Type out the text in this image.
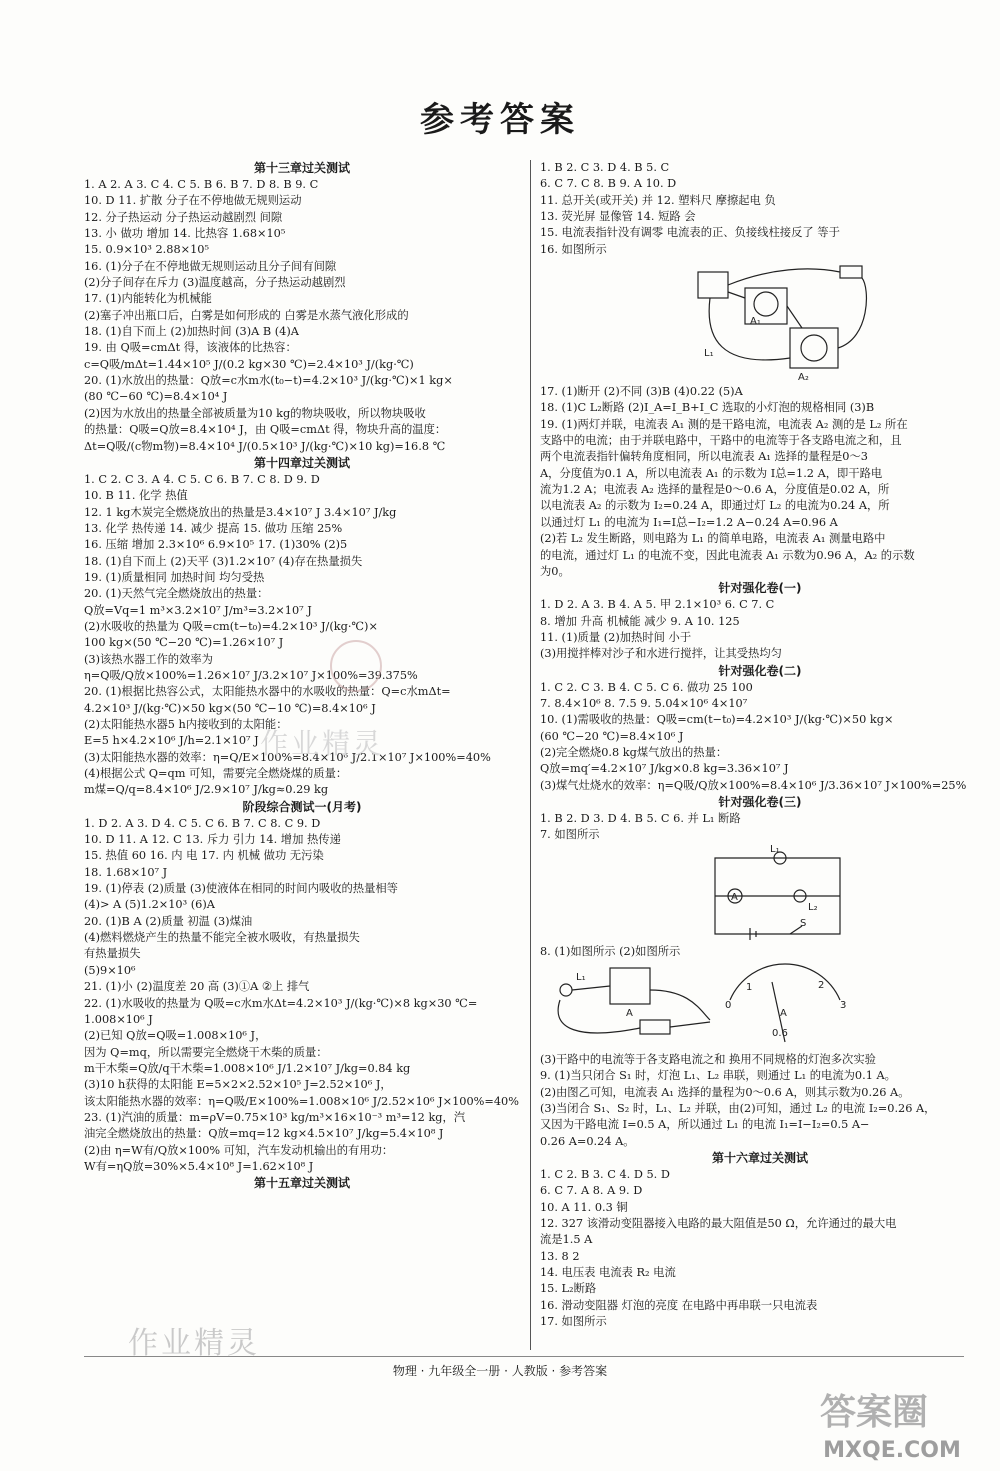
参考答案
第十三章过关测试
1. A 2. A 3. C 4. C 5. B 6. B 7. D 8. B 9. C
10. D 11. 扩散 分子在不停地做无规则运动
12. 分子热运动 分子热运动越剧烈 间隙
13. 小 做功 增加 14. 比热容 1.68×10⁵
15. 0.9×10³ 2.88×10⁵
16. (1)分子在不停地做无规则运动且分子间有间隙
(2)分子间存在斥力 (3)温度越高，分子热运动越剧烈
17. (1)内能转化为机械能
(2)塞子冲出瓶口后，白雾是如何形成的 白雾是水蒸气液化形成的
18. (1)自下而上 (2)加热时间 (3)A B (4)A
19. 由 Q吸=cmΔt 得，该液体的比热容：
c=Q吸/mΔt=1.44×10⁵ J/(0.2 kg×30 ℃)=2.4×10³ J/(kg·℃)
20. (1)水放出的热量：Q放=c水m水(t₀−t)=4.2×10³ J/(kg·℃)×1 kg×
(80 ℃−60 ℃)=8.4×10⁴ J
(2)因为水放出的热量全部被质量为10 kg的物块吸收，所以物块吸收
的热量：Q吸=Q放=8.4×10⁴ J，由 Q吸=cmΔt 得，物块升高的温度：
Δt=Q吸/(c物m物)=8.4×10⁴ J/(0.5×10³ J/(kg·℃)×10 kg)=16.8 ℃
第十四章过关测试
1. C 2. C 3. A 4. C 5. C 6. B 7. C 8. D 9. D
10. B 11. 化学 热值
12. 1 kg木炭完全燃烧放出的热量是3.4×10⁷ J 3.4×10⁷ J/kg
13. 化学 热传递 14. 减少 提高 15. 做功 压缩 25%
16. 压缩 增加 2.3×10⁶ 6.9×10⁵ 17. (1)30% (2)5
18. (1)自下而上 (2)天平 (3)1.2×10⁷ (4)存在热量损失
19. (1)质量相同 加热时间 均匀受热
20. (1)天然气完全燃烧放出的热量：
Q放=Vq=1 m³×3.2×10⁷ J/m³=3.2×10⁷ J
(2)水吸收的热量为 Q吸=cm(t−t₀)=4.2×10³ J/(kg·℃)×
100 kg×(50 ℃−20 ℃)=1.26×10⁷ J
(3)该热水器工作的效率为
η=Q吸/Q放×100%=1.26×10⁷ J/3.2×10⁷ J×100%=39.375%
20. (1)根据比热容公式，太阳能热水器中的水吸收的热量：Q=c水mΔt=
4.2×10³ J/(kg·℃)×50 kg×(50 ℃−10 ℃)=8.4×10⁶ J
(2)太阳能热水器5 h内接收到的太阳能：
E=5 h×4.2×10⁶ J/h=2.1×10⁷ J
(3)太阳能热水器的效率：η=Q/E×100%=8.4×10⁶ J/2.1×10⁷ J×100%=40%
(4)根据公式 Q=qm 可知，需要完全燃烧煤的质量：
m煤=Q/q=8.4×10⁶ J/2.9×10⁷ J/kg≈0.29 kg
阶段综合测试一(月考)
1. D 2. A 3. D 4. C 5. C 6. B 7. C 8. C 9. D
10. D 11. A 12. C 13. 斥力 引力 14. 增加 热传递
15. 热值 60 16. 内 电 17. 内 机械 做功 无污染
18. 1.68×10⁷ J
19. (1)停表 (2)质量 (3)使液体在相同的时间内吸收的热量相等
(4)> A (5)1.2×10³ (6)A
20. (1)B A (2)质量 初温 (3)煤油
(4)燃料燃烧产生的热量不能完全被水吸收，有热量损失
有热量损失
(5)9×10⁶
21. (1)小 (2)温度差 20 高 (3)①A ②上 排气
22. (1)水吸收的热量为 Q吸=c水m水Δt=4.2×10³ J/(kg·℃)×8 kg×30 ℃=
1.008×10⁶ J
(2)已知 Q放=Q吸=1.008×10⁶ J，
因为 Q=mq，所以需要完全燃烧干木柴的质量：
m干木柴=Q放/q干木柴=1.008×10⁶ J/1.2×10⁷ J/kg=0.84 kg
(3)10 h获得的太阳能 E=5×2×2.52×10⁵ J=2.52×10⁶ J，
该太阳能热水器的效率：η=Q吸/E×100%=1.008×10⁶ J/2.52×10⁶ J×100%=40%
23. (1)汽油的质量：m=ρV=0.75×10³ kg/m³×16×10⁻³ m³=12 kg，汽
油完全燃烧放出的热量：Q放=mq=12 kg×4.5×10⁷ J/kg=5.4×10⁸ J
(2)由 η=W有/Q放×100% 可知，汽车发动机输出的有用功：
W有=ηQ放=30%×5.4×10⁸ J=1.62×10⁸ J
第十五章过关测试
1. B 2. C 3. D 4. B 5. C
6. C 7. C 8. B 9. A 10. D
11. 总开关(或开关) 并 12. 塑料尺 摩擦起电 负
13. 荧光屏 显像管 14. 短路 会
15. 电流表指针没有调零 电流表的正、负接线柱接反了 等于
16. 如图所示
A₁
A₂
L₁
17. (1)断开 (2)不同 (3)B (4)0.22 (5)A
18. (1)C L₂断路 (2)I_A=I_B+I_C 选取的小灯泡的规格相同 (3)B
19. (1)两灯并联，电流表 A₁ 测的是干路电流，电流表 A₂ 测的是 L₂ 所在
支路中的电流；由于并联电路中，干路中的电流等于各支路电流之和，且
两个电流表指针偏转角度相同，所以电流表 A₁ 选择的量程是0～3
A，分度值为0.1 A，所以电流表 A₁ 的示数为 I总=1.2 A，即干路电
流为1.2 A；电流表 A₂ 选择的量程是0～0.6 A，分度值是0.02 A，所
以电流表 A₂ 的示数为 I₂=0.24 A，即通过灯 L₂ 的电流为0.24 A，所
以通过灯 L₁ 的电流为 I₁=I总−I₂=1.2 A−0.24 A=0.96 A
(2)若 L₂ 发生断路，则电路为 L₁ 的简单电路，电流表 A₁ 测量电路中
的电流，通过灯 L₁ 的电流不变，因此电流表 A₁ 示数为0.96 A，A₂ 的示数
为0。
针对强化卷(一)
1. D 2. A 3. B 4. A 5. 甲 2.1×10³ 6. C 7. C
8. 增加 升高 机械能 减少 9. A 10. 125
11. (1)质量 (2)加热时间 小于
(3)用搅拌棒对沙子和水进行搅拌，让其受热均匀
针对强化卷(二)
1. C 2. C 3. B 4. C 5. C 6. 做功 25 100
7. 8.4×10⁶ 8. 7.5 9. 5.04×10⁶ 4×10⁷
10. (1)需吸收的热量：Q吸=cm(t−t₀)=4.2×10³ J/(kg·℃)×50 kg×
(60 ℃−20 ℃)=8.4×10⁶ J
(2)完全燃烧0.8 kg煤气放出的热量：
Q放=mq′=4.2×10⁷ J/kg×0.8 kg=3.36×10⁷ J
(3)煤气灶烧水的效率：η=Q吸/Q放×100%=8.4×10⁶ J/3.36×10⁷ J×100%=25%
针对强化卷(三)
1. B 2. D 3. D 4. B 5. C 6. 并 L₁ 断路
7. 如图所示
L₁
A
L₂
S
8. (1)如图所示 (2)如图所示
1	2
0	3
0.6
A
L₁
A
(3)干路中的电流等于各支路电流之和 换用不同规格的灯泡多次实验
9. (1)当只闭合 S₁ 时，灯泡 L₁、L₂ 串联，则通过 L₁ 的电流为0.1 A。
(2)由图乙可知，电流表 A₁ 选择的量程为0～0.6 A，则其示数为0.26 A。
(3)当闭合 S₁、S₂ 时，L₁、L₂ 并联，由(2)可知，通过 L₂ 的电流 I₂=0.26 A，
又因为干路电流 I=0.5 A，所以通过 L₁ 的电流 I₁=I−I₂=0.5 A−
0.26 A=0.24 A。
第十六章过关测试
1. C 2. B 3. C 4. D 5. D
6. C 7. A 8. A 9. D
10. A 11. 0.3 铜
12. 327 该滑动变阻器接入电路的最大阻值是50 Ω，允许通过的最大电
流是1.5 A
13. 8 2
14. 电压表 电流表 R₂ 电流
15. L₂断路
16. 滑动变阻器 灯泡的亮度 在电路中再串联一只电流表
17. 如图所示
作业精灵
物理 · 九年级全一册 · 人教版 · 参考答案
作业精灵
答案圈
MXQE.COM
